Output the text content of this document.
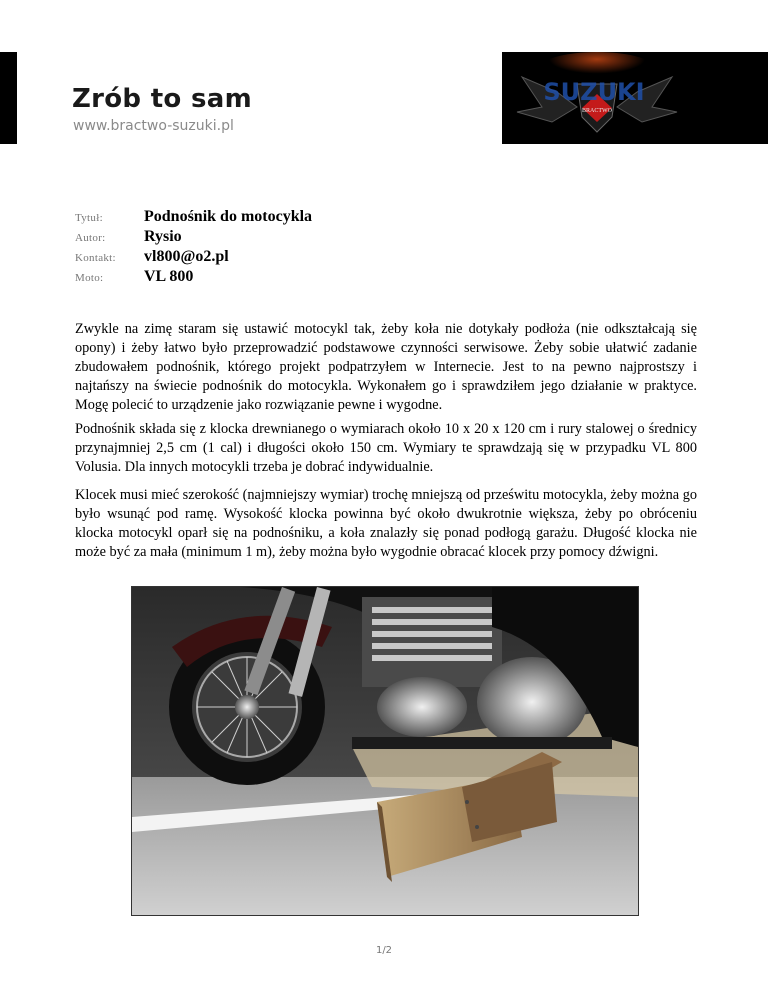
Zrób to sam
www.bractwo-suzuki.pl
BRACTWO
SUZUKI
Tytuł:	Podnośnik do motocykla
Autor:	Rysio
Kontakt:	vl800@o2.pl
Moto:	VL 800

Zwykle na zimę staram się ustawić motocykl tak, żeby koła nie dotykały podłoża (nie odkształcają się opony) i żeby łatwo było przeprowadzić podstawowe czynności serwisowe. Żeby sobie ułatwić zadanie zbudowałem podnośnik, którego projekt podpatrzyłem w Internecie. Jest to na pewno najprostszy i najtańszy na świecie podnośnik do motocykla. Wykonałem go i sprawdziłem jego działanie w praktyce. Mogę polecić to urządzenie jako rozwiązanie pewne i wygodne.

Podnośnik składa się z klocka drewnianego o wymiarach około 10 x 20 x 120 cm i rury stalowej o średnicy przynajmniej 2,5 cm (1 cal) i długości około 150 cm. Wymiary te sprawdzają się w przypadku VL 800 Volusia. Dla innych motocykli trzeba je dobrać indywidualnie.

Klocek musi mieć szerokość (najmniejszy wymiar) trochę mniejszą od prześwitu motocykla, żeby można go było wsunąć pod ramę. Wysokość klocka powinna być około dwukrotnie większa, żeby po obróceniu klocka motocykl oparł się na podnośniku, a koła znalazły się ponad podłogą garażu. Długość klocka nie może być za mała (minimum 1 m), żeby można było wygodnie obracać klocek przy pomocy dźwigni.

1/2
